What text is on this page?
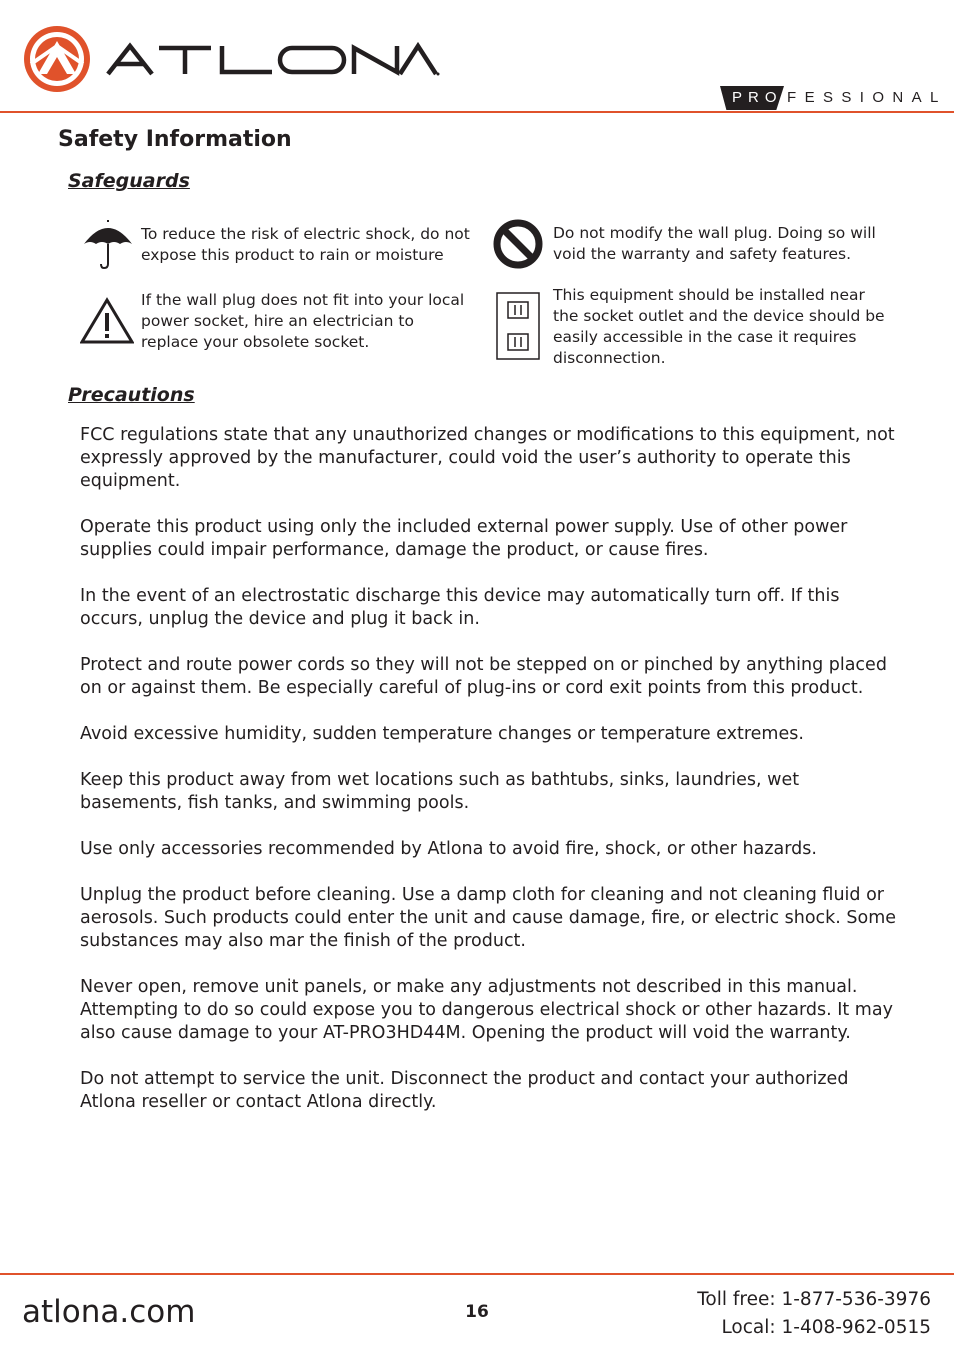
PRO FESSIONAL
Safety Information
Safeguards

To reduce the risk of electric shock, do not expose this product to rain or moisture

If the wall plug does not fit into your local power socket, hire an electrician to replace your obsolete socket.

Do not modify the wall plug. Doing so will void the warranty and safety features.

This equipment should be installed near the socket outlet and the device should be easily accessible in the case it requires disconnection.

Precautions

FCC regulations state that any unauthorized changes or modifications to this equipment, not expressly approved by the manufacturer, could void the user’s authority to operate this equipment.

Operate this product using only the included external power supply. Use of other power supplies could impair performance, damage the product, or cause fires.

In the event of an electrostatic discharge this device may automatically turn off. If this occurs, unplug the device and plug it back in.

Protect and route power cords so they will not be stepped on or pinched by anything placed on or against them. Be especially careful of plug-ins or cord exit points from this product.

Avoid excessive humidity, sudden temperature changes or temperature extremes.

Keep this product away from wet locations such as bathtubs, sinks, laundries, wet basements, fish tanks, and swimming pools.

Use only accessories recommended by Atlona to avoid fire, shock, or other hazards.

Unplug the product before cleaning. Use a damp cloth for cleaning and not cleaning fluid or aerosols. Such products could enter the unit and cause damage, fire, or electric shock. Some substances may also mar the finish of the product.

Never open, remove unit panels, or make any adjustments not described in this manual. Attempting to do so could expose you to dangerous electrical shock or other hazards. It may also cause damage to your AT-PRO3HD44M. Opening the product will void the warranty.

Do not attempt to service the unit. Disconnect the product and contact your authorized Atlona reseller or contact Atlona directly.

atlona.com	16

Toll free: 1-877-536-3976
Local: 1-408-962-0515
